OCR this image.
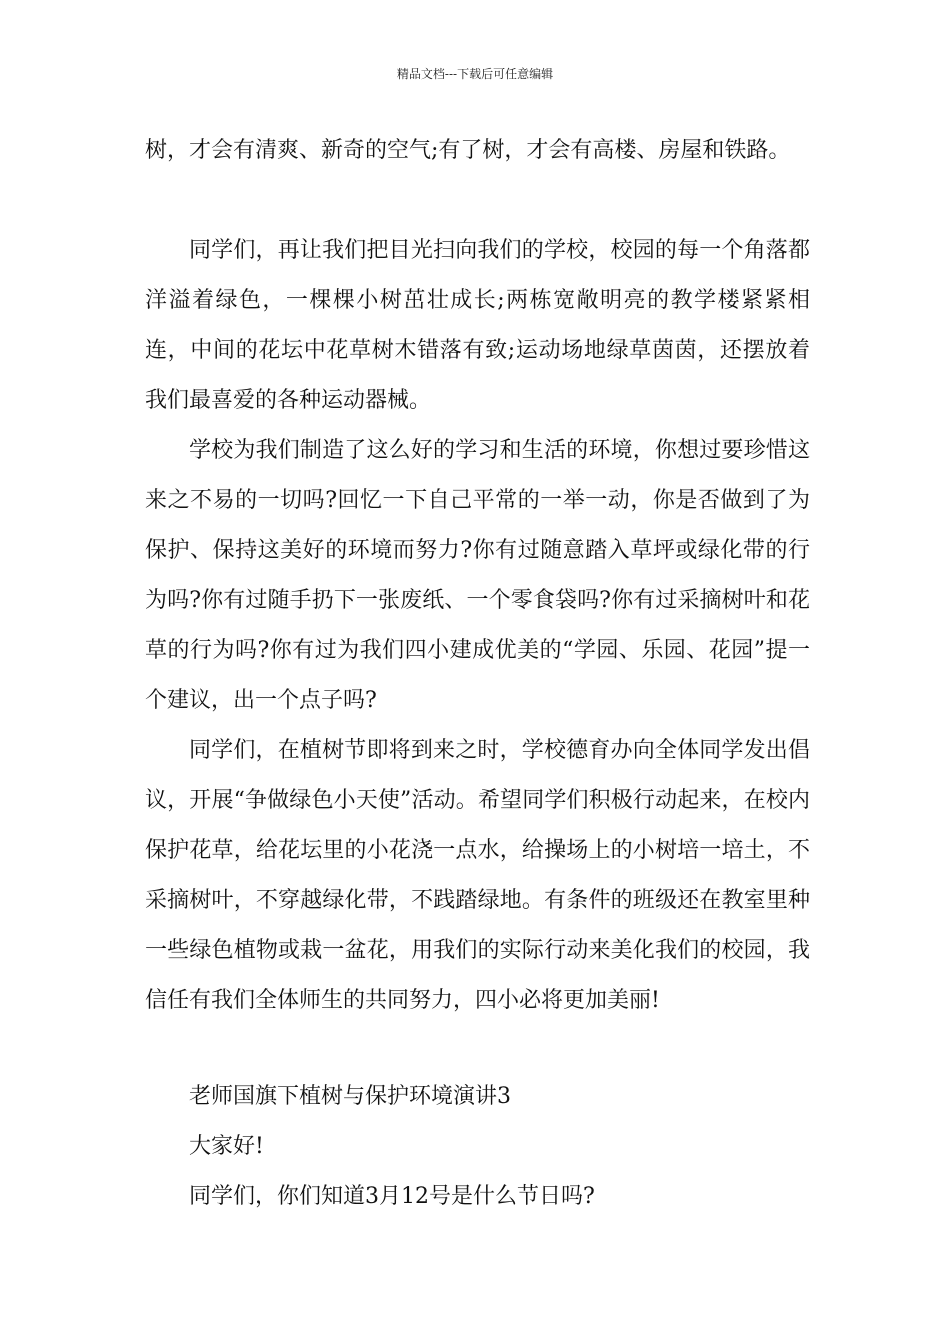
精品文档---下载后可任意编辑

树，才会有清爽、新奇的空气;有了树，才会有高楼、房屋和铁路。

同学们，再让我们把目光扫向我们的学校，校园的每一个角落都洋溢着绿色，一棵棵小树茁壮成长;两栋宽敞明亮的教学楼紧紧相连，中间的花坛中花草树木错落有致;运动场地绿草茵茵，还摆放着我们最喜爱的各种运动器械。

学校为我们制造了这么好的学习和生活的环境，你想过要珍惜这来之不易的一切吗?回忆一下自己平常的一举一动，你是否做到了为保护、保持这美好的环境而努力?你有过随意踏入草坪或绿化带的行为吗?你有过随手扔下一张废纸、一个零食袋吗?你有过采摘树叶和花草的行为吗?你有过为我们四小建成优美的“学园、乐园、花园”提一个建议，出一个点子吗?

同学们，在植树节即将到来之时，学校德育办向全体同学发出倡议，开展“争做绿色小天使”活动。希望同学们积极行动起来，在校内保护花草，给花坛里的小花浇一点水，给操场上的小树培一培土，不采摘树叶，不穿越绿化带，不践踏绿地。有条件的班级还在教室里种一些绿色植物或栽一盆花，用我们的实际行动来美化我们的校园，我信任有我们全体师生的共同努力，四小必将更加美丽!

老师国旗下植树与保护环境演讲3
大家好!
同学们，你们知道3月12号是什么节日吗?
